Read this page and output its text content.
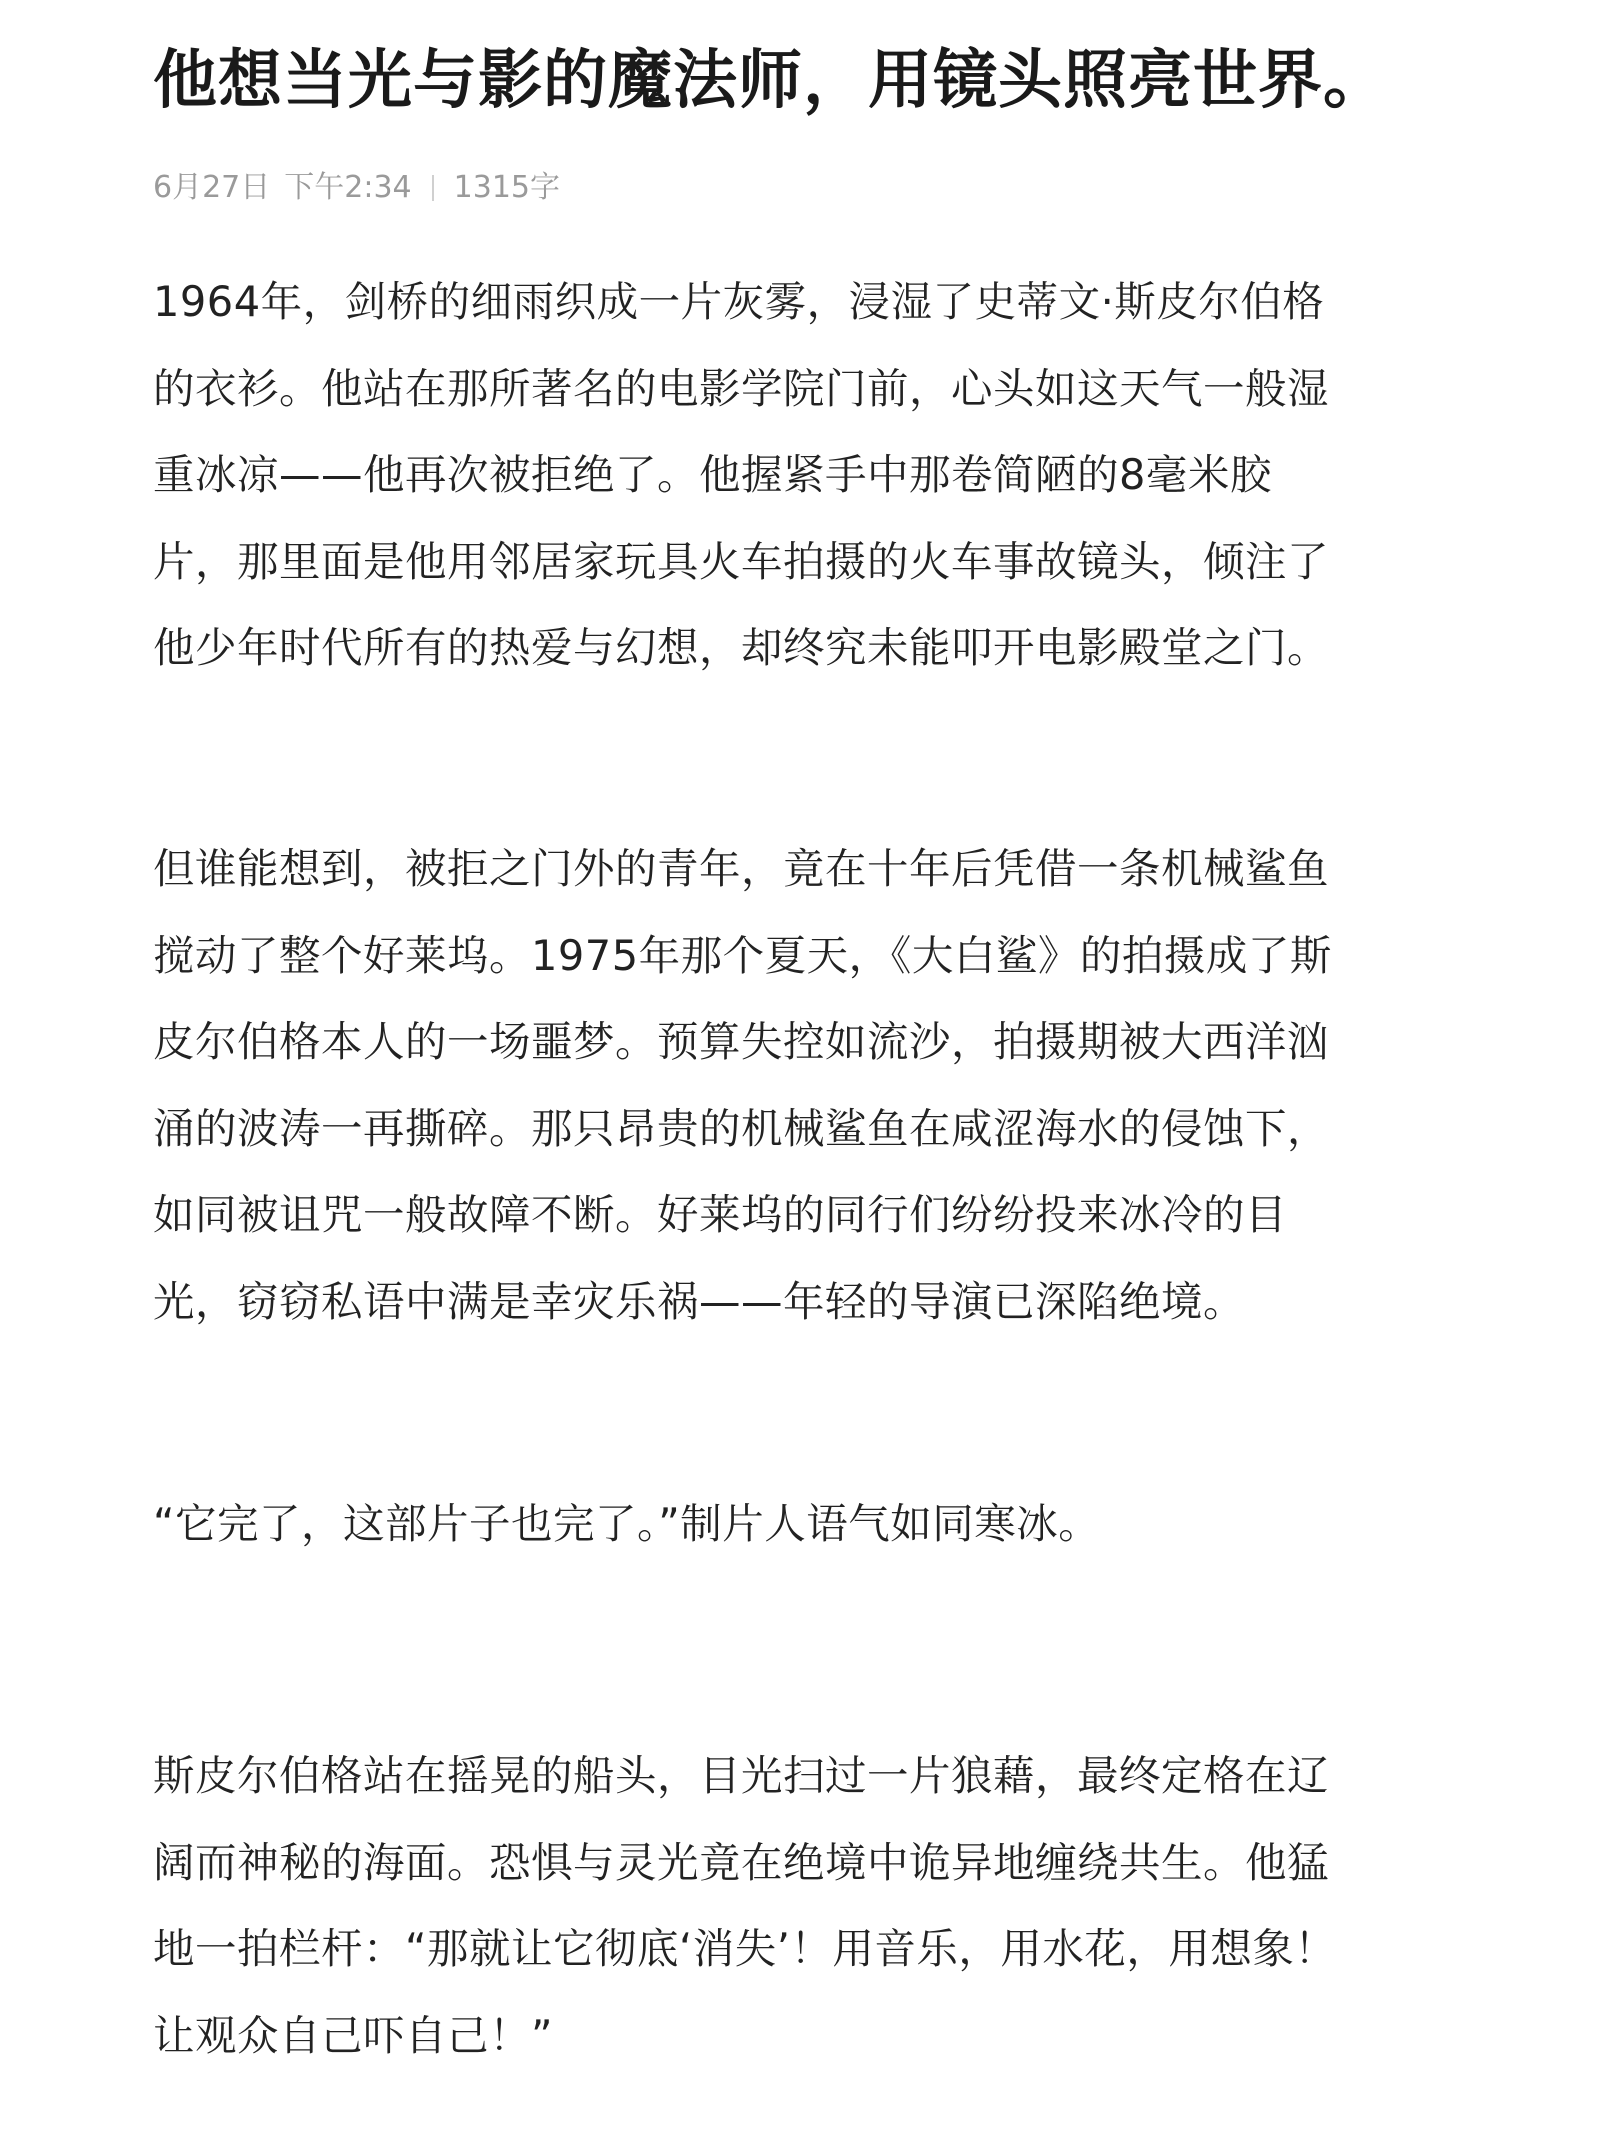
他想当光与影的魔法师，用镜头照亮世界。
6月27日 下午2:34 1315字

1964年，剑桥的细雨织成一片灰雾，浸湿了史蒂文·斯皮尔伯格
的衣衫。他站在那所著名的电影学院门前，心头如这天气一般湿
重冰凉——他再次被拒绝了。他握紧手中那卷简陋的8毫米胶
片，那里面是他用邻居家玩具火车拍摄的火车事故镜头，倾注了
他少年时代所有的热爱与幻想，却终究未能叩开电影殿堂之门。

但谁能想到，被拒之门外的青年，竟在十年后凭借一条机械鲨鱼
搅动了整个好莱坞。1975年那个夏天，《大白鲨》的拍摄成了斯
皮尔伯格本人的一场噩梦。预算失控如流沙，拍摄期被大西洋汹
涌的波涛一再撕碎。那只昂贵的机械鲨鱼在咸涩海水的侵蚀下，
如同被诅咒一般故障不断。好莱坞的同行们纷纷投来冰冷的目
光，窃窃私语中满是幸灾乐祸——年轻的导演已深陷绝境。

“它完了，这部片子也完了。”制片人语气如同寒冰。

斯皮尔伯格站在摇晃的船头，目光扫过一片狼藉，最终定格在辽
阔而神秘的海面。恐惧与灵光竟在绝境中诡异地缠绕共生。他猛
地一拍栏杆：“那就让它彻底‘消失’！用音乐，用水花，用想象！
让观众自己吓自己！”
